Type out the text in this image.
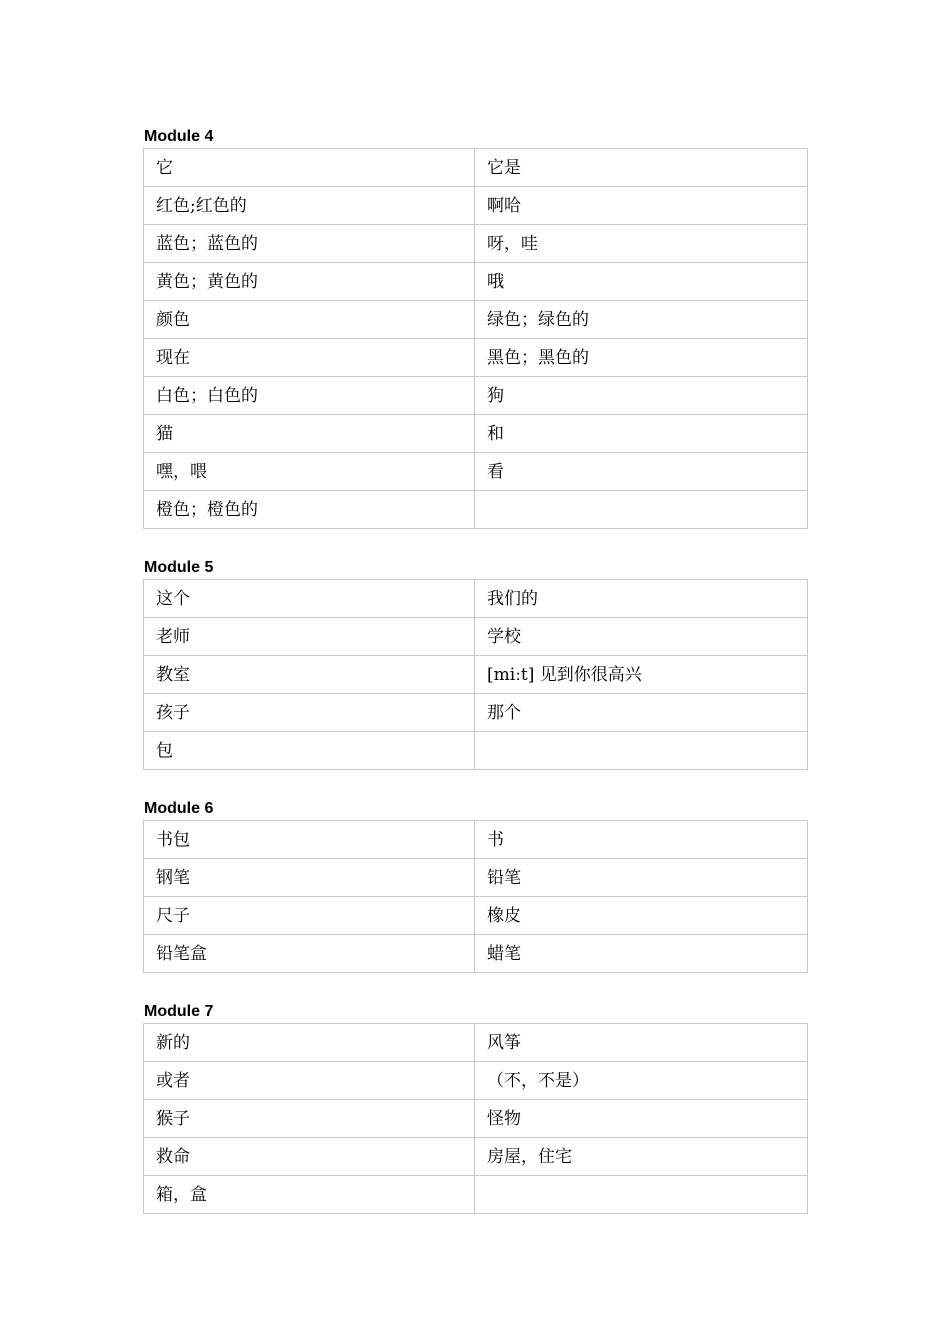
Module 4
它	它是
红色;红色的	啊哈
蓝色；蓝色的	呀，哇
黄色；黄色的	哦
颜色	绿色；绿色的
现在	黑色；黑色的
白色；白色的	狗
猫	和
嘿，喂	看
橙色；橙色的	
Module 5
这个	我们的
老师	学校
教室	[miːt] 见到你很高兴
孩子	那个
包	
Module 6
书包	书
钢笔	铅笔
尺子	橡皮
铅笔盒	蜡笔
Module 7
新的	风筝
或者	（不，不是）
猴子	怪物
救命	房屋，住宅
箱，盒	
